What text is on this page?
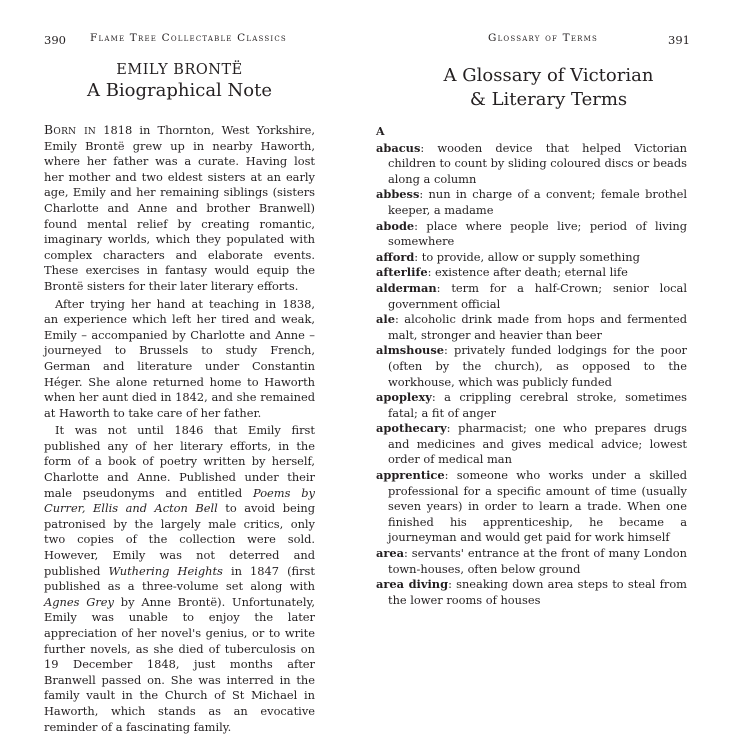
390 Flame Tree Collectable Classics
EMILY BRONTË
A Biographical Note

Born in 1818 in Thornton, West Yorkshire, Emily Brontë grew up in nearby Haworth, where her father was a curate. Having lost her mother and two eldest sisters at an early age, Emily and her remaining siblings (sisters Charlotte and Anne and brother Branwell) found mental relief by creating romantic, imaginary worlds, which they populated with complex characters and elaborate events. These exercises in fantasy would equip the Brontë sisters for their later literary efforts.

After trying her hand at teaching in 1838, an experience which left her tired and weak, Emily – accompanied by Charlotte and Anne – journeyed to Brussels to study French, German and literature under Constantin Héger. She alone returned home to Haworth when her aunt died in 1842, and she remained at Haworth to take care of her father.

It was not until 1846 that Emily first published any of her literary efforts, in the form of a book of poetry written by herself, Charlotte and Anne. Published under their male pseudonyms and entitled Poems by Currer, Ellis and Acton Bell to avoid being patronised by the largely male critics, only two copies of the collection were sold. However, Emily was not deterred and published Wuthering Heights in 1847 (first published as a three-volume set along with Agnes Grey by Anne Brontë). Unfortunately, Emily was unable to enjoy the later appreciation of her novel's genius, or to write further novels, as she died of tuberculosis on 19 December 1848, just months after Branwell passed on. She was interred in the family vault in the Church of St Michael in Haworth, which stands as an evocative reminder of a fascinating family.

Glossary of Terms	391
A Glossary of Victorian
& Literary Terms
A
abacus: wooden device that helped Victorian children to count by sliding coloured discs or beads along a column
abbess: nun in charge of a convent; female brothel keeper, a madame
abode: place where people live; period of living somewhere
afford: to provide, allow or supply something
afterlife: existence after death; eternal life
alderman: term for a half-Crown; senior local government official
ale: alcoholic drink made from hops and fermented malt, stronger and heavier than beer
almshouse: privately funded lodgings for the poor (often by the church), as opposed to the workhouse, which was publicly funded
apoplexy: a crippling cerebral stroke, sometimes fatal; a fit of anger
apothecary: pharmacist; one who prepares drugs and medicines and gives medical advice; lowest order of medical man
apprentice: someone who works under a skilled professional for a specific amount of time (usually seven years) in order to learn a trade. When one finished his apprenticeship, he became a journeyman and would get paid for work himself
area: servants' entrance at the front of many London town-houses, often below ground
area diving: sneaking down area steps to steal from the lower rooms of houses
